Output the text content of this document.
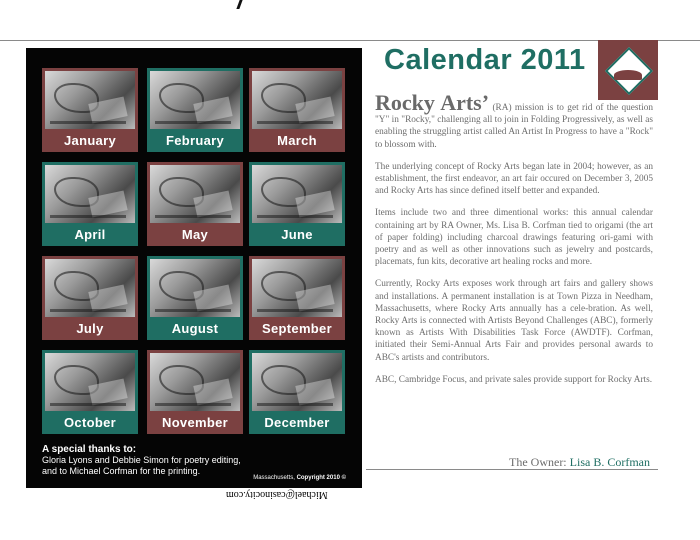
January	February	March
April	May	June
July	August	September
October	November	December
A special thanks to:
Gloria Lyons and Debbie Simon for poetry editing,
and to Michael Corfman for the printing.
Massachusetts, Copyright 2010 ©
Michael@casinocity.com
Calendar 2011

Rocky Arts’ (RA) mission is to get rid of the question "Y" in "Rocky," challenging all to join in Folding Progressively, as well as enabling the struggling artist called An Artist In Progress to have a "Rock" to blossom with.

The underlying concept of Rocky Arts began late in 2004; however, as an establishment, the first endeavor, an art fair occured on December 3, 2005 and Rocky Arts has since defined itself better and expanded.

Items include two and three dimentional works: this annual calendar containing art by RA Owner, Ms. Lisa B. Corfman tied to origami (the art of paper folding) including charcoal drawings featuring ori-gami with poetry and as well as other innovations such as jewelry and postcards, placemats, fun kits, decorative art healing rocks and more.

Currently, Rocky Arts exposes work through art fairs and gallery shows and installations. A permanent installation is at Town Pizza in Needham, Massachusetts, where Rocky Arts annually has a cele-bration. As well, Rocky Arts is connected with Artists Beyond Challenges (ABC), formerly known as Artists With Disabilities Task Force (AWDTF). Corfman, initiated their Semi-Annual Arts Fair and provides personal awards to ABC's artists and contributors.

ABC, Cambridge Focus, and private sales provide support for Rocky Arts.

The Owner: Lisa B. Corfman
